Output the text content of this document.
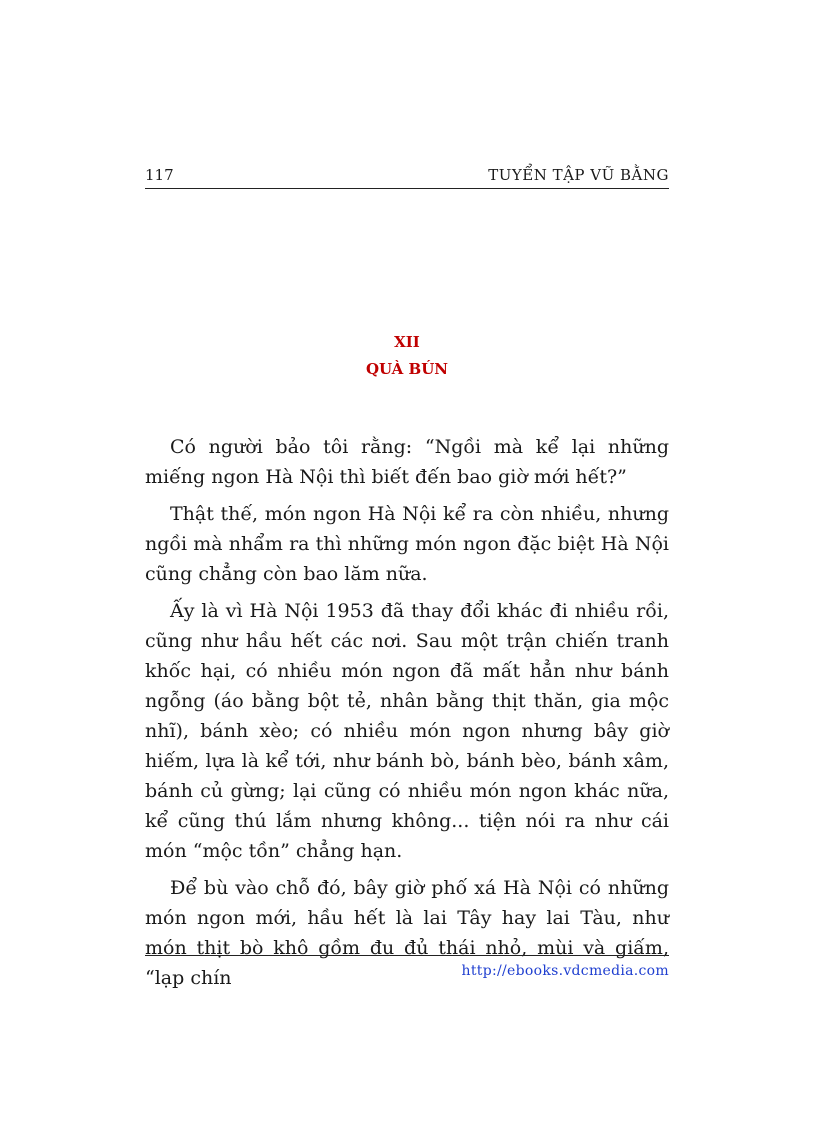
117	TUYỂN TẬP VŨ BẰNG
XII
QUÀ BÚN

Có người bảo tôi rằng: “Ngồi mà kể lại những miếng ngon Hà Nội thì biết đến bao giờ mới hết?”

Thật thế, món ngon Hà Nội kể ra còn nhiều, nhưng ngồi mà nhẩm ra thì những món ngon đặc biệt Hà Nội cũng chẳng còn bao lăm nữa.

Ấy là vì Hà Nội 1953 đã thay đổi khác đi nhiều rồi, cũng như hầu hết các nơi. Sau một trận chiến tranh khốc hại, có nhiều món ngon đã mất hẳn như bánh ngỗng (áo bằng bột tẻ, nhân bằng thịt thăn, gia mộc nhĩ), bánh xèo; có nhiều món ngon nhưng bây giờ hiếm, lựa là kể tới, như bánh bò, bánh bèo, bánh xâm, bánh củ gừng; lại cũng có nhiều món ngon khác nữa, kể cũng thú lắm nhưng không... tiện nói ra như cái món “mộc tồn” chẳng hạn.

Để bù vào chỗ đó, bây giờ phố xá Hà Nội có những món ngon mới, hầu hết là lai Tây hay lai Tàu, như món thịt bò khô gồm đu đủ thái nhỏ, mùi và giấm, “lạp chín	http://ebooks.vdcmedia.com
